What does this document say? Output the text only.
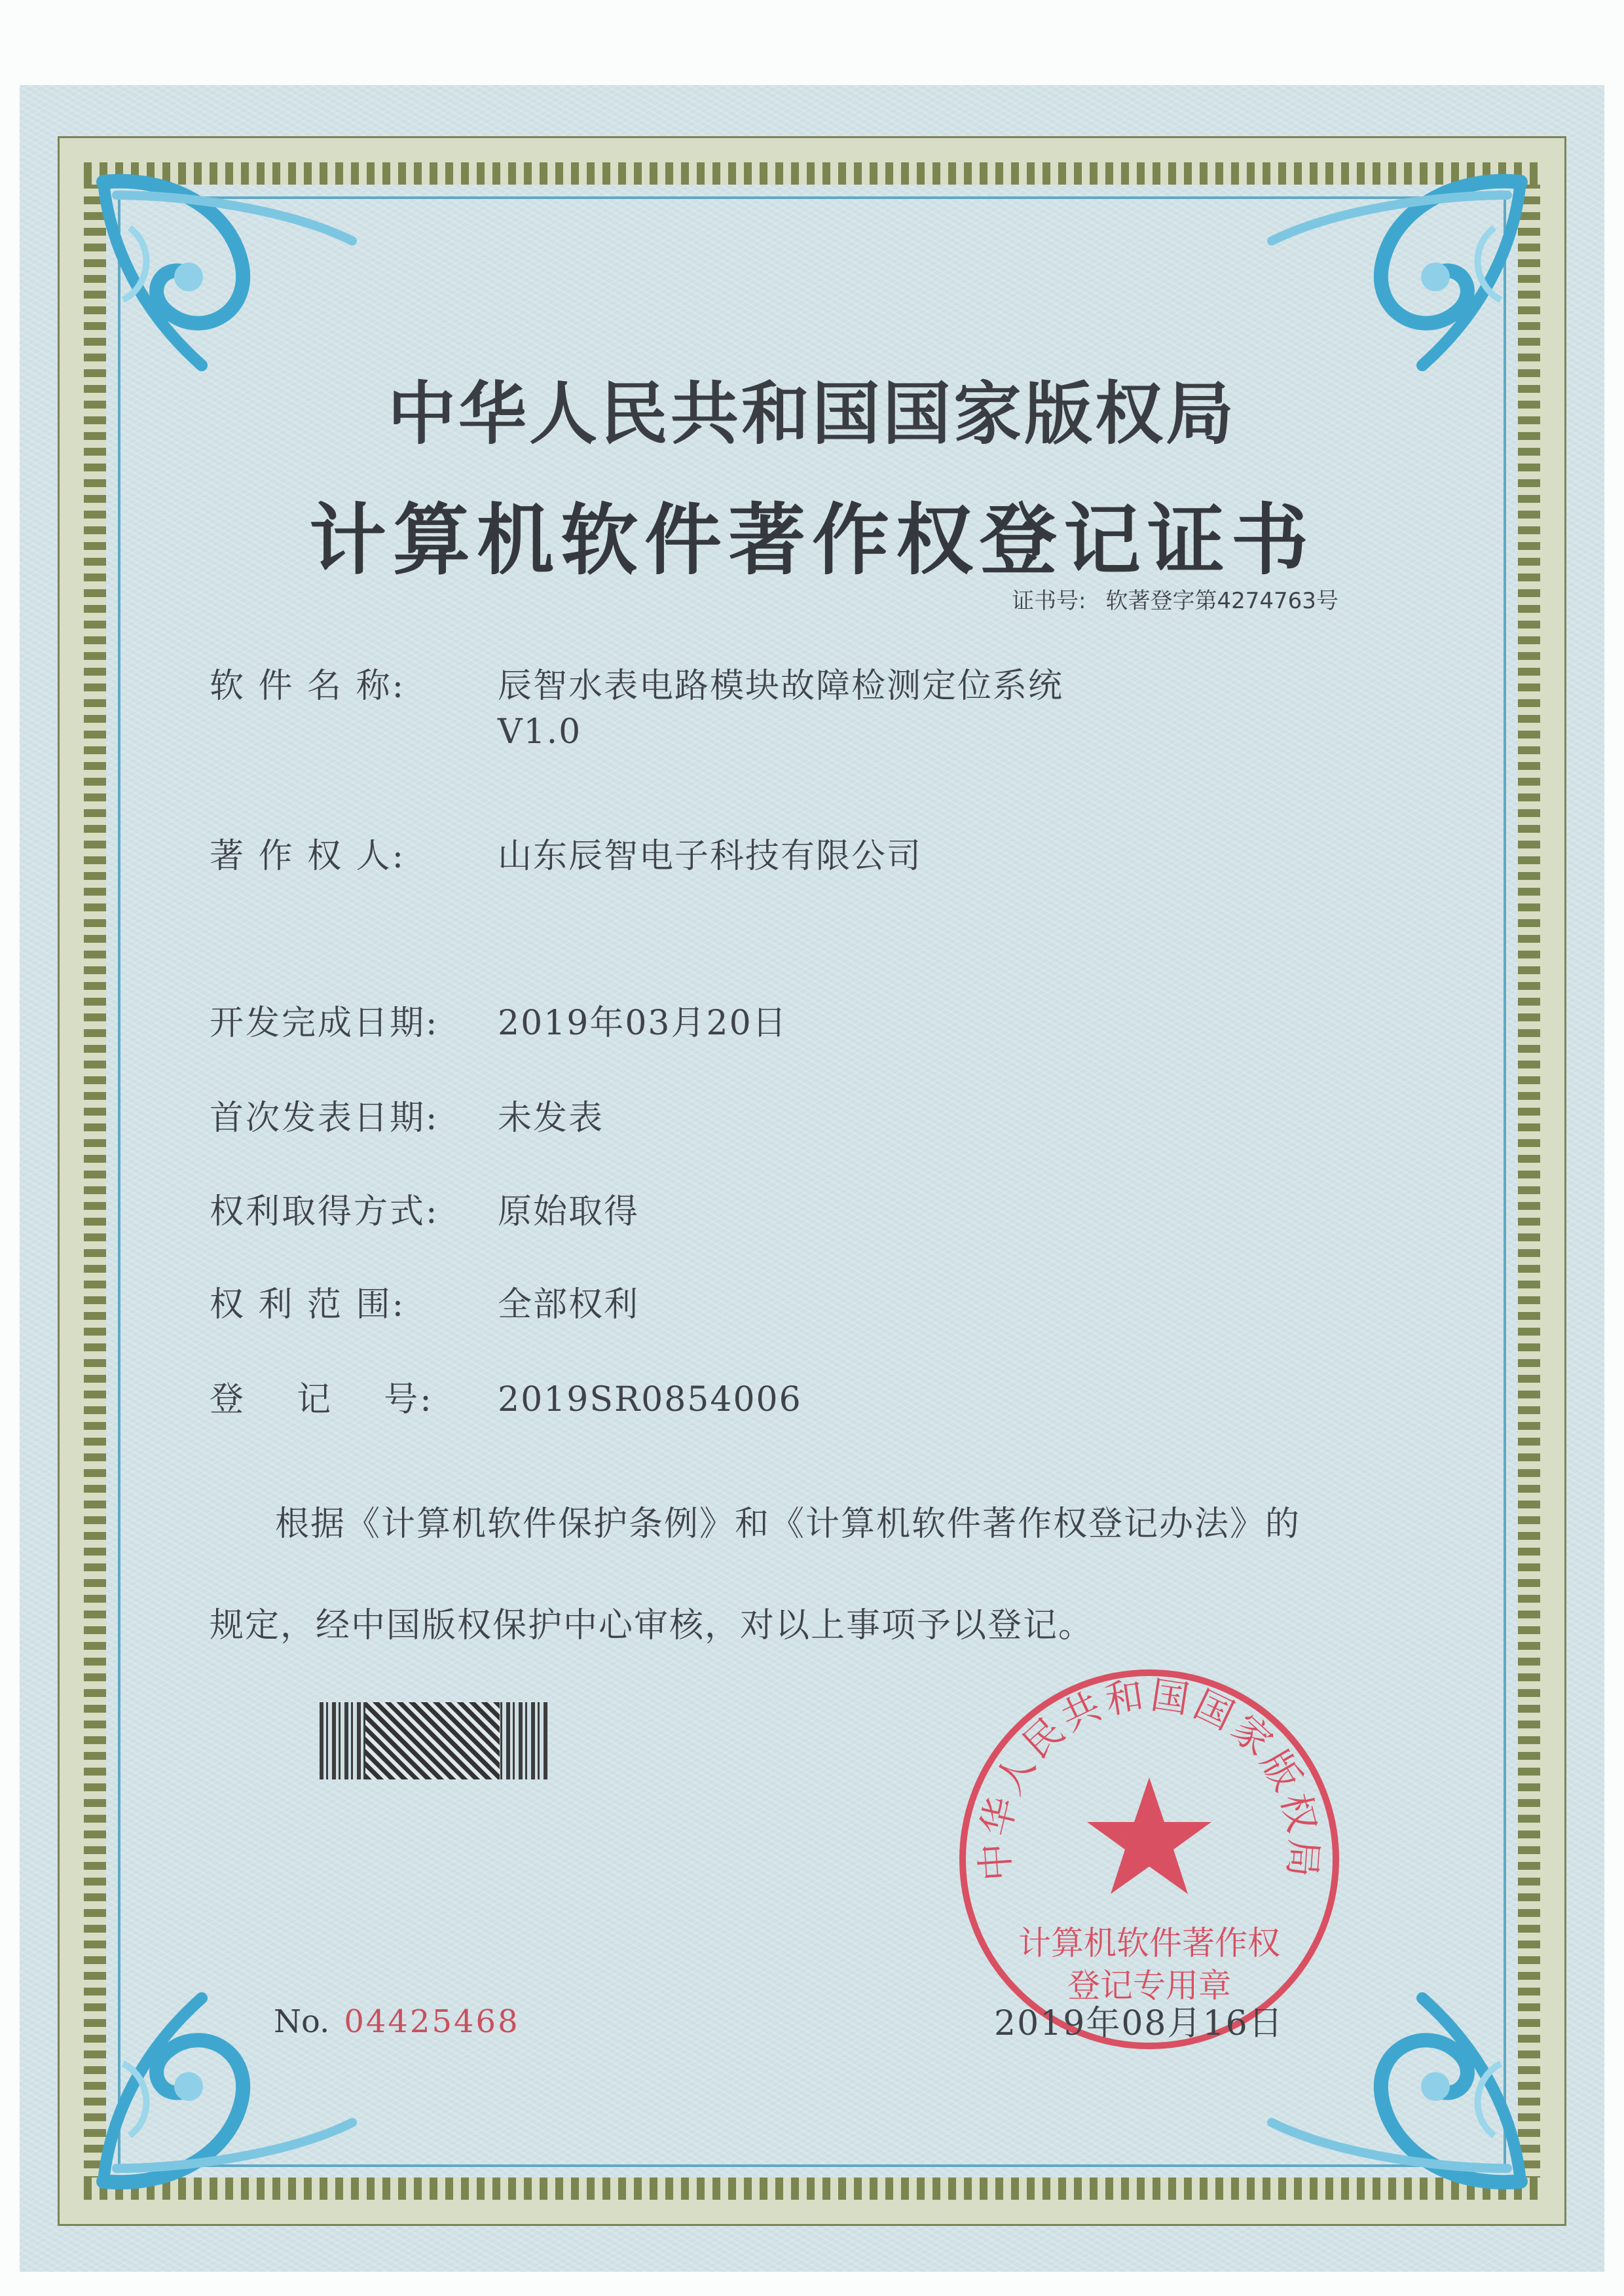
中华人民共和国国家版权局
计算机软件著作权登记证书
证书号: 软著登字第4274763号
软 件 名 称:	辰智水表电路模块故障检测定位系统
V1.0
著 作 权 人:	山东辰智电子科技有限公司
开发完成日期: 2019年03月20日
首次发表日期: 未发表
权利取得方式: 原始取得
权 利 范 围:	全部权利
登    记    号: 2019SR0854006
根据《计算机软件保护条例》和《计算机软件著作权登记办法》的
规定，经中国版权保护中心审核，对以上事项予以登记。
中华人民共和国国家版权局
计算机软件著作权
登记专用章
No. 04425468	2019年08月16日
